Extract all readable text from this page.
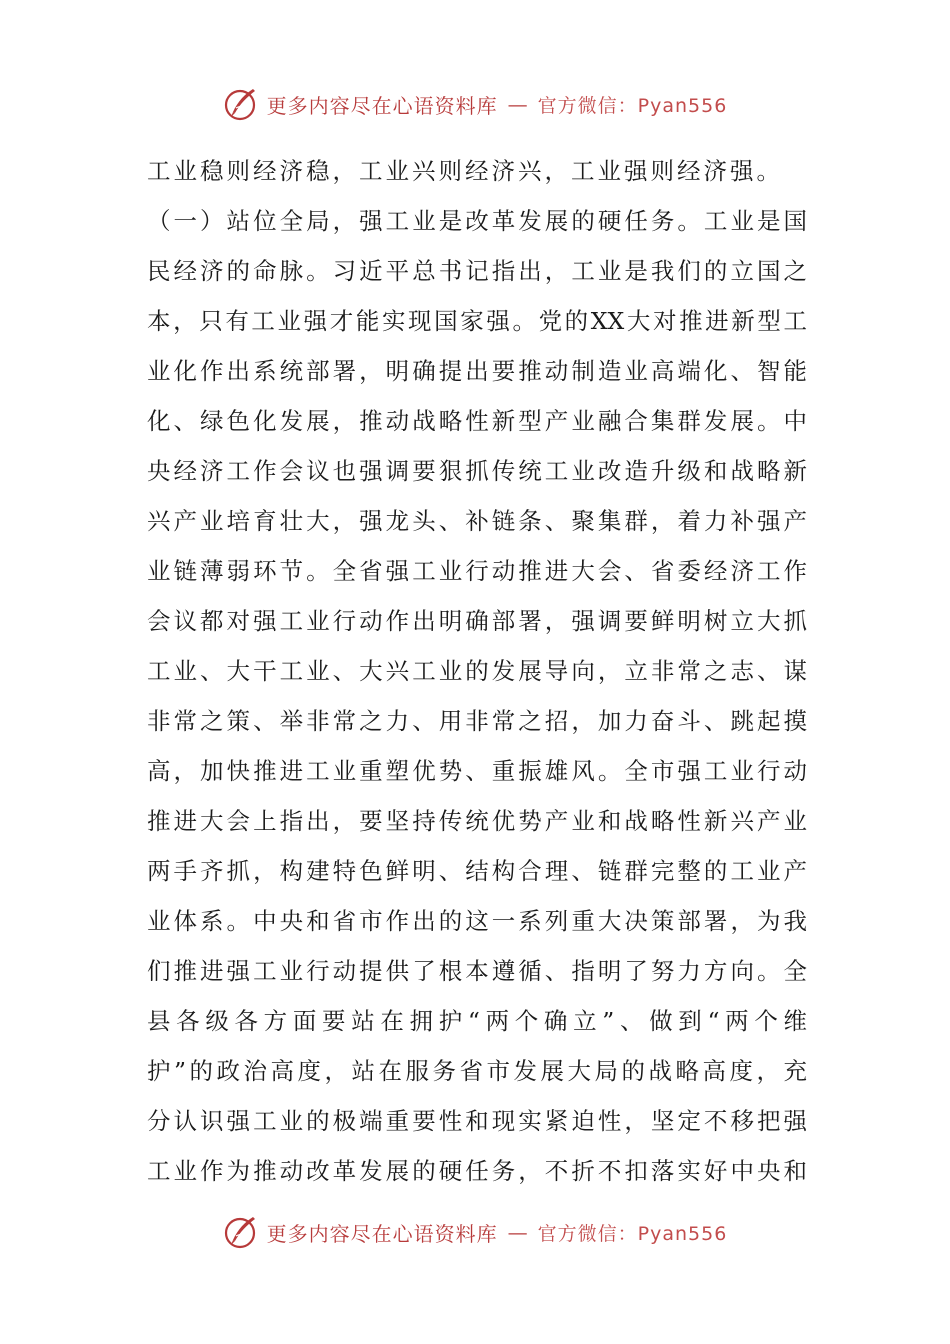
更多内容尽在心语资料库 — 官方微信：Pyan556
工业稳则经济稳，工业兴则经济兴，工业强则经济强。
（一）站位全局，强工业是改革发展的硬任务。工业是国
民经济的命脉。习近平总书记指出，工业是我们的立国之
本，只有工业强才能实现国家强。党的XX大对推进新型工
业化作出系统部署，明确提出要推动制造业高端化、智能
化、绿色化发展，推动战略性新型产业融合集群发展。中
央经济工作会议也强调要狠抓传统工业改造升级和战略新
兴产业培育壮大，强龙头、补链条、聚集群，着力补强产
业链薄弱环节。全省强工业行动推进大会、省委经济工作
会议都对强工业行动作出明确部署，强调要鲜明树立大抓
工业、大干工业、大兴工业的发展导向，立非常之志、谋
非常之策、举非常之力、用非常之招，加力奋斗、跳起摸
高，加快推进工业重塑优势、重振雄风。全市强工业行动
推进大会上指出，要坚持传统优势产业和战略性新兴产业
两手齐抓，构建特色鲜明、结构合理、链群完整的工业产
业体系。中央和省市作出的这一系列重大决策部署，为我
们推进强工业行动提供了根本遵循、指明了努力方向。全
县各级各方面要站在拥护“两个确立”、做到“两个维
护”的政治高度，站在服务省市发展大局的战略高度，充
分认识强工业的极端重要性和现实紧迫性，坚定不移把强
工业作为推动改革发展的硬任务，不折不扣落实好中央和
更多内容尽在心语资料库 — 官方微信：Pyan556
